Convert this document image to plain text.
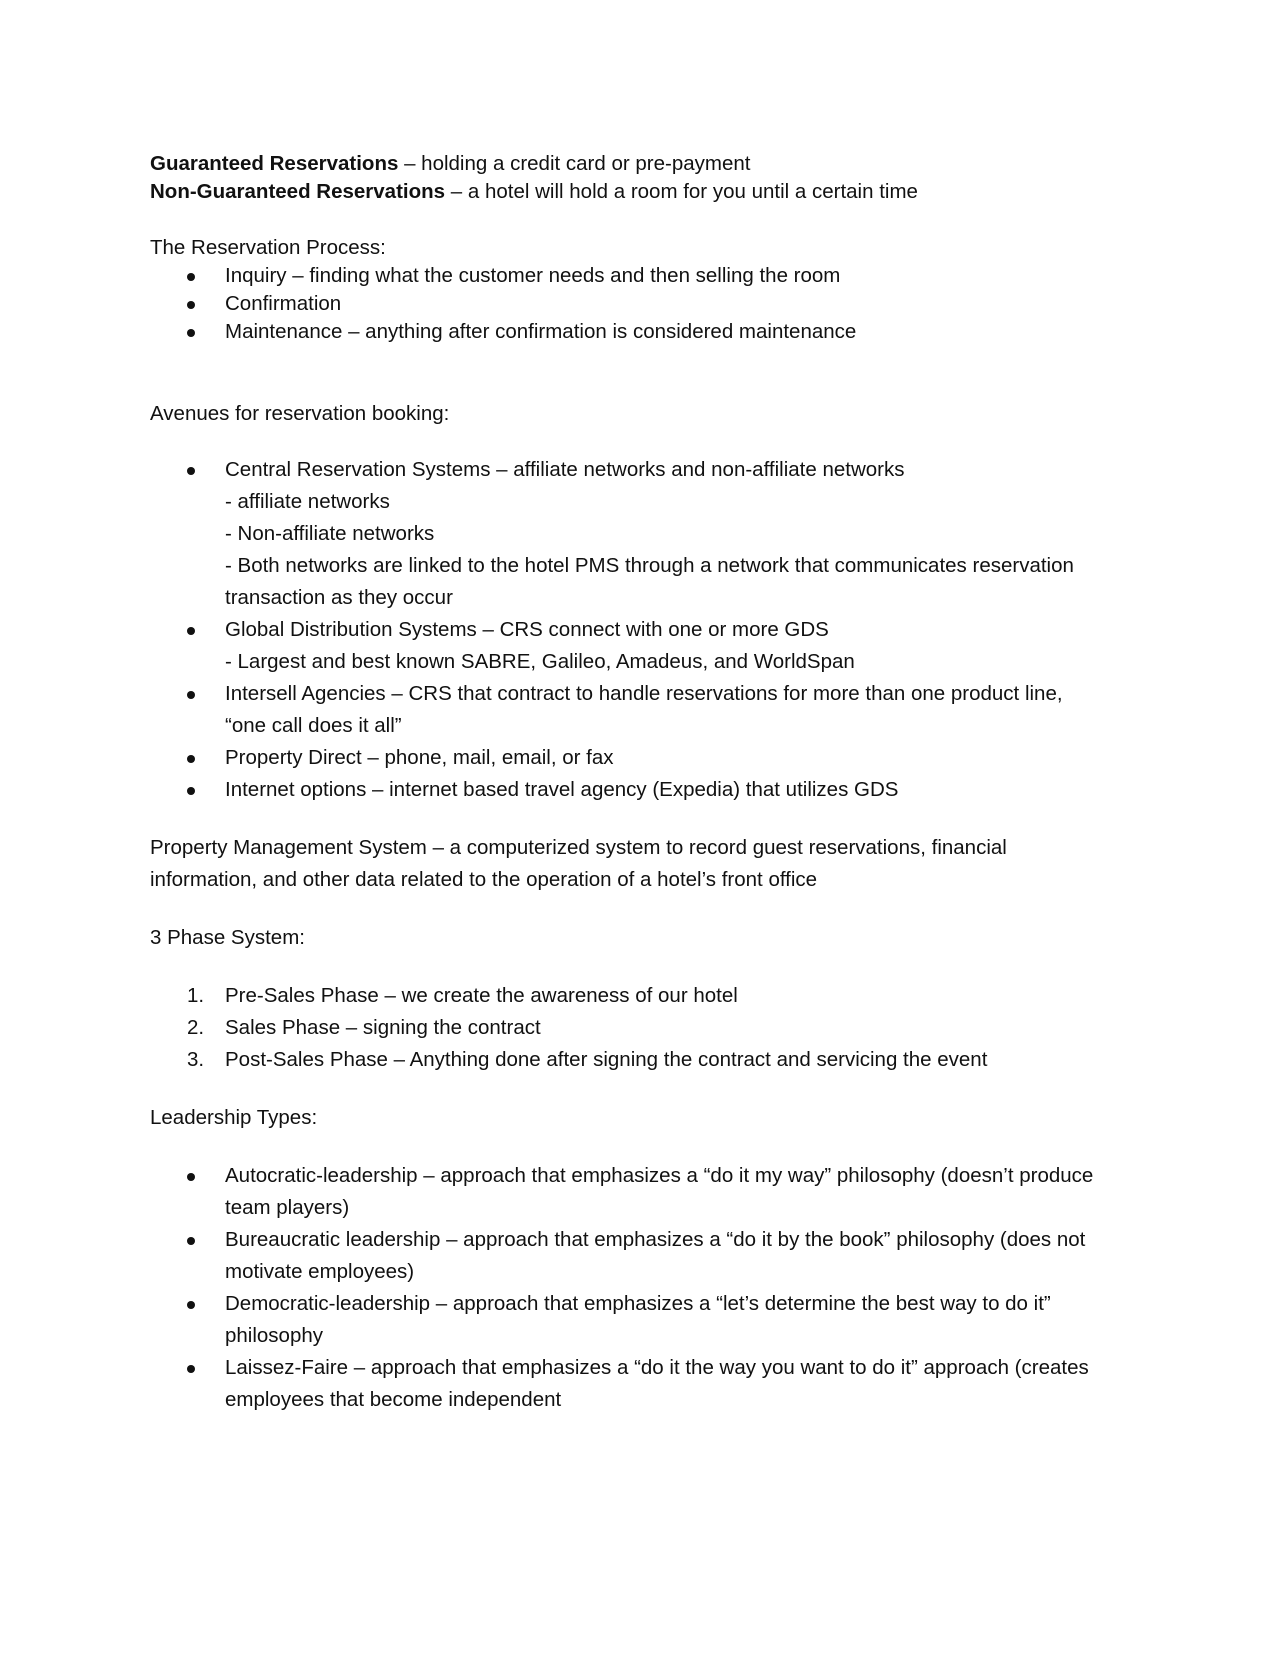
Guaranteed Reservations – holding a credit card or pre-payment

Non-Guaranteed Reservations – a hotel will hold a room for you until a certain time

The Reservation Process:

Inquiry – finding what the customer needs and then selling the room
Confirmation
Maintenance – anything after confirmation is considered maintenance

Avenues for reservation booking:

Central Reservation Systems – affiliate networks and non-affiliate networks
- affiliate networks
- Non-affiliate networks
- Both networks are linked to the hotel PMS through a network that communicates reservation
transaction as they occur
Global Distribution Systems – CRS connect with one or more GDS
- Largest and best known SABRE, Galileo, Amadeus, and WorldSpan
Intersell Agencies – CRS that contract to handle reservations for more than one product line,
“one call does it all”
Property Direct – phone, mail, email, or fax
Internet options – internet based travel agency (Expedia) that utilizes GDS
Property Management System – a computerized system to record guest reservations, financial
information, and other data related to the operation of a hotel’s front office

3 Phase System:

1. Pre-Sales Phase – we create the awareness of our hotel
2. Sales Phase – signing the contract
3. Post-Sales Phase – Anything done after signing the contract and servicing the event

Leadership Types:

Autocratic-leadership – approach that emphasizes a “do it my way” philosophy (doesn’t produce
team players)
Bureaucratic leadership – approach that emphasizes a “do it by the book” philosophy (does not
motivate employees)
Democratic-leadership – approach that emphasizes a “let’s determine the best way to do it”
philosophy
Laissez-Faire – approach that emphasizes a “do it the way you want to do it” approach (creates
employees that become independent
